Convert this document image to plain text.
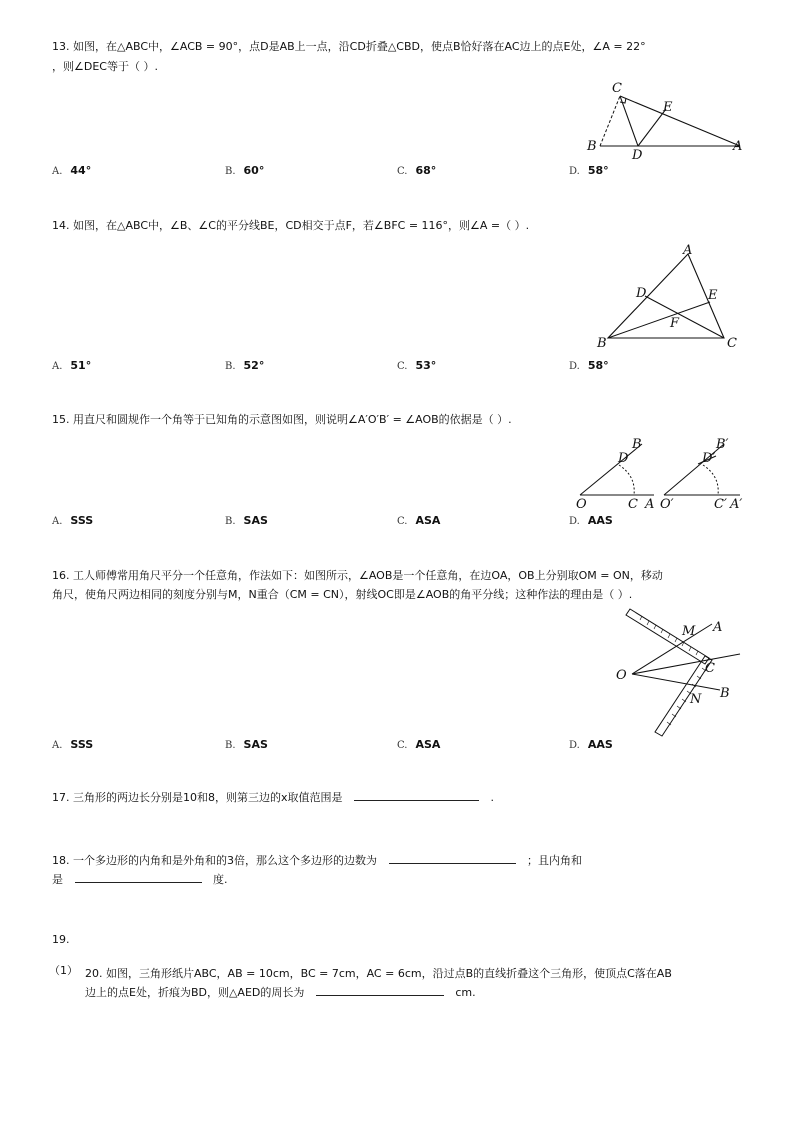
13. 如图，在△ABC中，∠ACB = 90°，点D是AB上一点，沿CD折叠△CBD，使点B恰好落在AC边上的点E处，∠A = 22°
，则∠DEC等于（ ）.
C
E
B
D
A
A. 44°	B. 60°	C. 68°	D. 58°
14. 如图，在△ABC中，∠B、∠C的平分线BE，CD相交于点F，若∠BFC = 116°，则∠A =（ ）.
A
D	E
F
B	C
A. 51°	B. 52°	C. 53°	D. 58°
15. 用直尺和圆规作一个角等于已知角的示意图如图，则说明∠A′O′B′ = ∠AOB的依据是（ ）.
B
D
O	C A
B′
D′
O′	C′ A′
A. SSS	B. SAS	C. ASA	D. AAS
16. 工人师傅常用角尺平分一个任意角，作法如下：如图所示，∠AOB是一个任意角，在边OA，OB上分别取OM = ON，移动
角尺，使角尺两边相同的刻度分别与M，N重合（CM = CN），射线OC即是∠AOB的角平分线；这种作法的理由是（ ）.
M A
O	C
N B
A. SSS	B. SAS	C. ASA	D. AAS
17. 三角形的两边长分别是10和8，则第三边的x取值范围是	.
18. 一个多边形的内角和是外角和的3倍，那么这个多边形的边数为	；且内角和
是	度.
19.
（1） 20. 如图，三角形纸片ABC，AB = 10cm，BC = 7cm，AC = 6cm，沿过点B的直线折叠这个三角形，使顶点C落在AB
边上的点E处，折痕为BD，则△AED的周长为	cm.
